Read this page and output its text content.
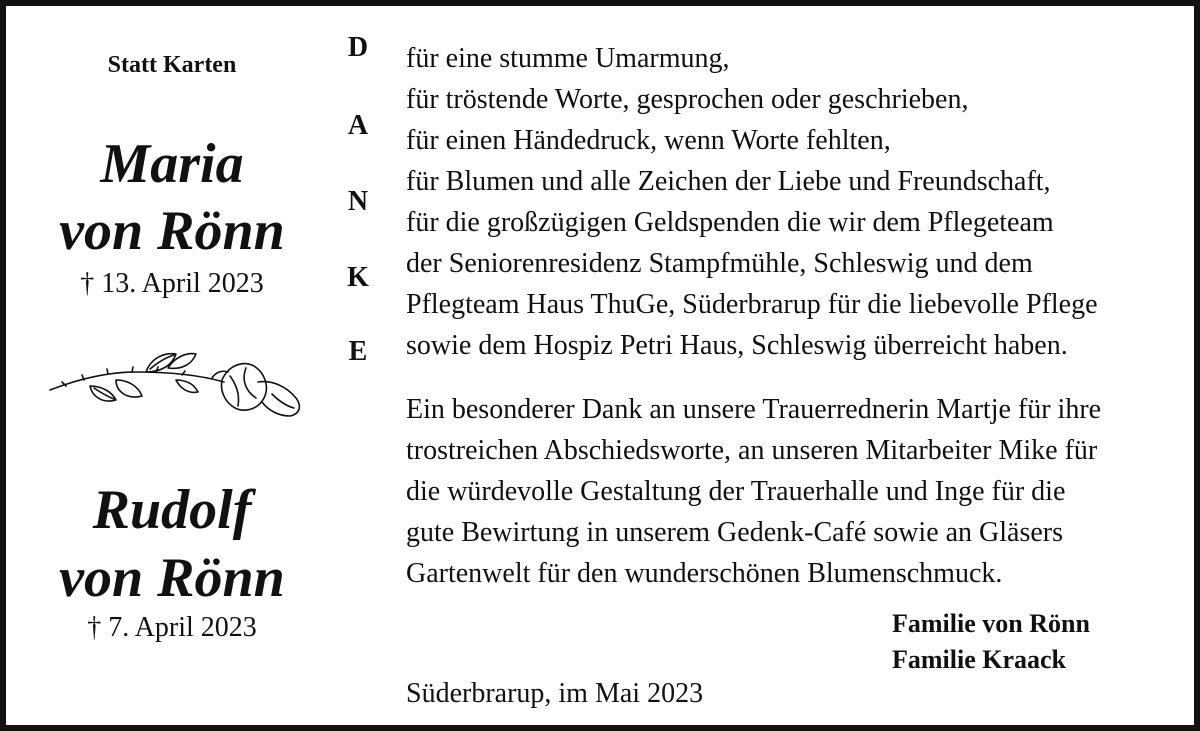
Statt Karten
Maria
von Rönn
† 13. April 2023
Rudolf
von Rönn
† 7. April 2023
D
A
N
K
E
für eine stumme Umarmung,
für tröstende Worte, gesprochen oder geschrieben,
für einen Händedruck, wenn Worte fehlten,
für Blumen und alle Zeichen der Liebe und Freundschaft,
für die großzügigen Geldspenden die wir dem Pflegeteam
der Seniorenresidenz Stampfmühle, Schleswig und dem
Pflegteam Haus ThuGe, Süderbrarup für die liebevolle Pflege
sowie dem Hospiz Petri Haus, Schleswig überreicht haben.
Ein besonderer Dank an unsere Trauerrednerin Martje für ihre
trostreichen Abschiedsworte, an unseren Mitarbeiter Mike für
die würdevolle Gestaltung der Trauerhalle und Inge für die
gute Bewirtung in unserem Gedenk-Café sowie an Gläsers
Gartenwelt für den wunderschönen Blumenschmuck.
Familie von Rönn
Familie Kraack
Süderbrarup, im Mai 2023
